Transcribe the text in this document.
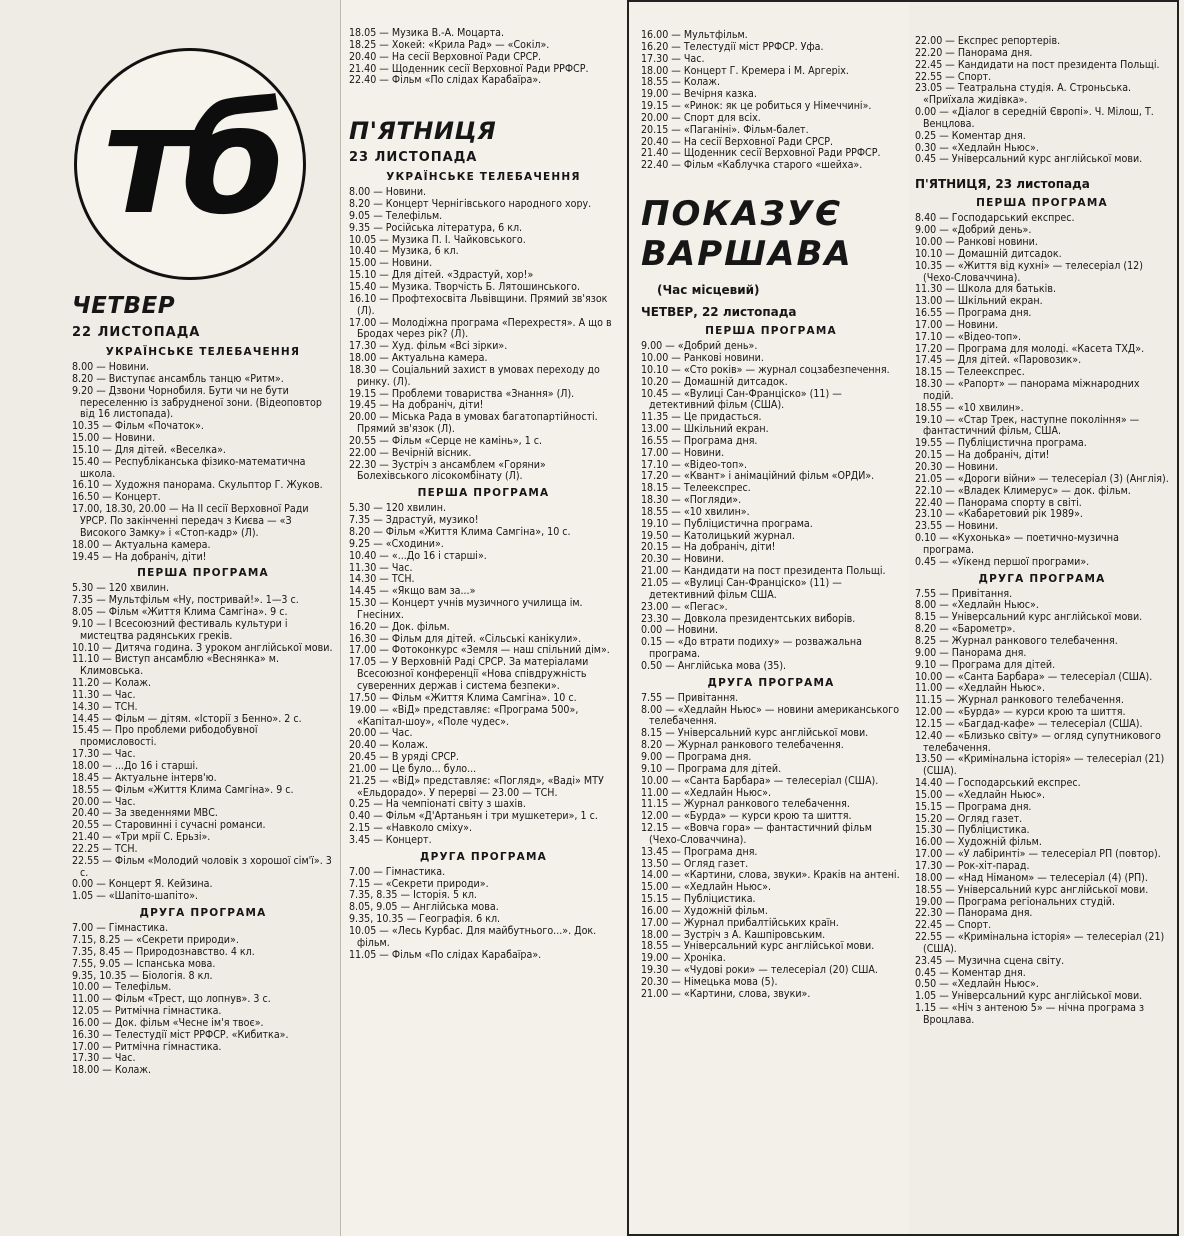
тб
ЧЕТВЕР
22 ЛИСТОПАДА
УКРАЇНСЬКЕ ТЕЛЕБАЧЕННЯ

8.00 — Новини.

8.20 — Виступає ансамбль танцю «Ритм».

9.20 — Дзвони Чорнобиля. Бути чи не бути переселенню із забрудненої зони. (Відеоповтор від 16 листопада).

10.35 — Фільм «Початок».

15.00 — Новини.

15.10 — Для дітей. «Веселка».

15.40 — Республіканська фізико-математична школа.

16.10 — Художня панорама. Скульптор Г. Жуков.

16.50 — Концерт.

17.00, 18.30, 20.00 — На II сесії Верховної Ради УРСР. По закінченні передач з Києва — «З Високого Замку» і «Стоп-кадр» (Л).

18.00 — Актуальна камера.

19.45 — На добраніч, діти!

ПЕРША ПРОГРАМА

5.30 — 120 хвилин.

7.35 — Мультфільм «Ну, постривай!». 1—3 с.

8.05 — Фільм «Життя Клима Самгіна». 9 с.

9.10 — І Всесоюзний фестиваль культури і мистецтва радянських греків.

10.10 — Дитяча година. З уроком англійської мови.

11.10 — Виступ ансамблю «Веснянка» м. Климовська.

11.20 — Колаж.

11.30 — Час.

14.30 — ТСН.

14.45 — Фільм — дітям. «Історії з Бенно». 2 с.

15.45 — Про проблеми рибодобувної промисловості.

17.30 — Час.

18.00 — ...До 16 і старші.

18.45 — Актуальне інтерв'ю.

18.55 — Фільм «Життя Клима Самгіна». 9 с.

20.00 — Час.

20.40 — За зведеннями МВС.

20.55 — Старовинні і сучасні романси.

21.40 — «Три мрії С. Ерьзі».

22.25 — ТСН.

22.55 — Фільм «Молодий чоловік з хорошої сім'ї». 3 с.

0.00 — Концерт Я. Кейзина.

1.05 — «Шапіто-шапіто».

ДРУГА ПРОГРАМА

7.00 — Гімнастика.

7.15, 8.25 — «Секрети природи».

7.35, 8.45 — Природознавство. 4 кл.

7.55, 9.05 — Іспанська мова.

9.35, 10.35 — Біологія. 8 кл.

10.00 — Телефільм.

11.00 — Фільм «Трест, що лопнув». 3 с.

12.05 — Ритмічна гімнастика.

16.00 — Док. фільм «Чесне ім'я твоє».

16.30 — Телестудії міст РРФСР. «Кибитка».

17.00 — Ритмічна гімнастика.

17.30 — Час.

18.00 — Колаж.

18.05 — Музика В.-А. Моцарта.

18.25 — Хокей: «Крила Рад» — «Сокіл».

20.40 — На сесії Верховної Ради СРСР.

21.40 — Щоденник сесії Верховної Ради РРФСР.

22.40 — Фільм «По слідах Карабаїра».

П'ЯТНИЦЯ
23 ЛИСТОПАДА
УКРАЇНСЬКЕ ТЕЛЕБАЧЕННЯ

8.00 — Новини.

8.20 — Концерт Чернігівського народного хору.

9.05 — Телефільм.

9.35 — Російська література, 6 кл.

10.05 — Музика П. І. Чайковського.

10.40 — Музика, 6 кл.

15.00 — Новини.

15.10 — Для дітей. «Здрастуй, хор!»

15.40 — Музика. Творчість Б. Лятошинського.

16.10 — Профтехосвіта Львівщини. Прямий зв'язок (Л).

17.00 — Молодіжна програма «Перехрестя». А що в Бродах через рік? (Л).

17.30 — Худ. фільм «Всі зірки».

18.00 — Актуальна камера.

18.30 — Соціальний захист в умовах переходу до ринку. (Л).

19.15 — Проблеми товариства «Знання» (Л).

19.45 — На добраніч, діти!

20.00 — Міська Рада в умовах багатопартійності. Прямий зв'язок (Л).

20.55 — Фільм «Серце не камінь», 1 с.

22.00 — Вечірній вісник.

22.30 — Зустріч з ансамблем «Горяни» Болехівського лісокомбінату (Л).

ПЕРША ПРОГРАМА

5.30 — 120 хвилин.

7.35 — Здрастуй, музико!

8.20 — Фільм «Життя Клима Самгіна», 10 с.

9.25 — «Сходини».

10.40 — «...До 16 і старші».

11.30 — Час.

14.30 — ТСН.

14.45 — «Якщо вам за...»

15.30 — Концерт учнів музичного училища ім. Гнесіних.

16.20 — Док. фільм.

16.30 — Фільм для дітей. «Сільські канікули».

17.00 — Фотоконкурс «Земля — наш спільний дім».

17.05 — У Верховній Раді СРСР. За матеріалами Всесоюзної конференції «Нова співдружність суверенних держав і система безпеки».

17.50 — Фільм «Життя Клима Самгіна». 10 с.

19.00 — «ВіД» представляє: «Програма 500», «Капітал-шоу», «Поле чудес».

20.00 — Час.

20.40 — Колаж.

20.45 — В уряді СРСР.

21.00 — Це було... було...

21.25 — «ВіД» представляє: «Погляд», «Ваді» МТУ «Ельдорадо». У перерві — 23.00 — ТСН.

0.25 — На чемпіонаті світу з шахів.

0.40 — Фільм «Д'Артаньян і три мушкетери», 1 с.

2.15 — «Навколо сміху».

3.45 — Концерт.

ДРУГА ПРОГРАМА

7.00 — Гімнастика.

7.15 — «Секрети природи».

7.35, 8.35 — Історія. 5 кл.

8.05, 9.05 — Англійська мова.

9.35, 10.35 — Географія. 6 кл.

10.05 — «Лесь Курбас. Для майбутнього...». Док. фільм.

11.05 — Фільм «По слідах Карабаїра».

16.00 — Мультфільм.

16.20 — Телестудії міст РРФСР. Уфа.

17.30 — Час.

18.00 — Концерт Г. Кремера і М. Аргеріх.

18.55 — Колаж.

19.00 — Вечірня казка.

19.15 — «Ринок: як це робиться у Німеччині».

20.00 — Спорт для всіх.

20.15 — «Паганіні». Фільм-балет.

20.40 — На сесії Верховної Ради СРСР.

21.40 — Щоденник сесії Верховної Ради РРФСР.

22.40 — Фільм «Каблучка старого «шейха».

ПОКАЗУЄ ВАРШАВА
(Час місцевий)
ЧЕТВЕР, 22 листопада
ПЕРША ПРОГРАМА

9.00 — «Добрий день».

10.00 — Ранкові новини.

10.10 — «Сто років» — журнал соцзабезпечення.

10.20 — Домашній дитсадок.

10.45 — «Вулиці Сан-Франціско» (11) — детективний фільм (США).

11.35 — Це придасться.

13.00 — Шкільний екран.

16.55 — Програма дня.

17.00 — Новини.

17.10 — «Відео-топ».

17.20 — «Квант» і анімаційний фільм «ОРДИ».

18.15 — Телеекспрес.

18.30 — «Погляди».

18.55 — «10 хвилин».

19.10 — Публіцистична програма.

19.50 — Католицький журнал.

20.15 — На добраніч, діти!

20.30 — Новини.

21.00 — Кандидати на пост президента Польщі.

21.05 — «Вулиці Сан-Франціско» (11) — детективний фільм США.

23.00 — «Пегас».

23.30 — Довкола президентських виборів.

0.00 — Новини.

0.15 — «До втрати подиху» — розважальна програма.

0.50 — Англійська мова (35).

ДРУГА ПРОГРАМА

7.55 — Привітання.

8.00 — «Хедлайн Ньюс» — новини американського телебачення.

8.15 — Універсальний курс англійської мови.

8.20 — Журнал ранкового телебачення.

9.00 — Програма дня.

9.10 — Програма для дітей.

10.00 — «Санта Барбара» — телесеріал (США).

11.00 — «Хедлайн Ньюс».

11.15 — Журнал ранкового телебачення.

12.00 — «Бурда» — курси крою та шиття.

12.15 — «Вовча гора» — фантастичний фільм (Чехо-Словаччина).

13.45 — Програма дня.

13.50 — Огляд газет.

14.00 — «Картини, слова, звуки». Краків на антені.

15.00 — «Хедлайн Ньюс».

15.15 — Публіцистика.

16.00 — Художній фільм.

17.00 — Журнал прибалтійських країн.

18.00 — Зустріч з А. Кашпіровським.

18.55 — Універсальний курс англійської мови.

19.00 — Хроніка.

19.30 — «Чудові роки» — телесеріал (20) США.

20.30 — Німецька мова (5).

21.00 — «Картини, слова, звуки».

22.00 — Експрес репортерів.

22.20 — Панорама дня.

22.45 — Кандидати на пост президента Польщі.

22.55 — Спорт.

23.05 — Театральна студія. А. Строньська. «Приїхала жидівка».

0.00 — «Діалог в середній Європі». Ч. Мілош, Т. Венцлова.

0.25 — Коментар дня.

0.30 — «Хедлайн Ньюс».

0.45 — Універсальний курс англійської мови.

П'ЯТНИЦЯ, 23 листопада
ПЕРША ПРОГРАМА

8.40 — Господарський експрес.

9.00 — «Добрий день».

10.00 — Ранкові новини.

10.10 — Домашній дитсадок.

10.35 — «Життя від кухні» — телесеріал (12) (Чехо-Словаччина).

11.30 — Школа для батьків.

13.00 — Шкільний екран.

16.55 — Програма дня.

17.00 — Новини.

17.10 — «Відео-топ».

17.20 — Програма для молоді. «Касета ТХД».

17.45 — Для дітей. «Паровозик».

18.15 — Телеекспрес.

18.30 — «Рапорт» — панорама міжнародних подій.

18.55 — «10 хвилин».

19.10 — «Стар Трек, наступне покоління» — фантастичний фільм, США.

19.55 — Публіцистична програма.

20.15 — На добраніч, діти!

20.30 — Новини.

21.05 — «Дороги війни» — телесеріал (3) (Англія).

22.10 — «Владек Климерус» — док. фільм.

22.40 — Панорама спорту в світі.

23.10 — «Кабаретовий рік 1989».

23.55 — Новини.

0.10 — «Кухонька» — поетично-музична програма.

0.45 — «Уїкенд першої програми».

ДРУГА ПРОГРАМА

7.55 — Привітання.

8.00 — «Хедлайн Ньюс».

8.15 — Універсальний курс англійської мови.

8.20 — «Барометр».

8.25 — Журнал ранкового телебачення.

9.00 — Панорама дня.

9.10 — Програма для дітей.

10.00 — «Санта Барбара» — телесеріал (США).

11.00 — «Хедлайн Ньюс».

11.15 — Журнал ранкового телебачення.

12.00 — «Бурда» — курси крою та шиття.

12.15 — «Багдад-кафе» — телесеріал (США).

12.40 — «Близько світу» — огляд супутникового телебачення.

13.50 — «Кримінальна історія» — телесеріал (21) (США).

14.40 — Господарський експрес.

15.00 — «Хедлайн Ньюс».

15.15 — Програма дня.

15.20 — Огляд газет.

15.30 — Публіцистика.

16.00 — Художній фільм.

17.00 — «У лабіринті» — телесеріал РП (повтор).

17.30 — Рок-хіт-парад.

18.00 — «Над Німаном» — телесеріал (4) (РП).

18.55 — Універсальний курс англійської мови.

19.00 — Програма регіональних студій.

22.30 — Панорама дня.

22.45 — Спорт.

22.55 — «Кримінальна історія» — телесеріал (21) (США).

23.45 — Музична сцена світу.

0.45 — Коментар дня.

0.50 — «Хедлайн Ньюс».

1.05 — Універсальний курс англійської мови.

1.15 — «Ніч з антеною 5» — нічна програма з Вроцлава.
